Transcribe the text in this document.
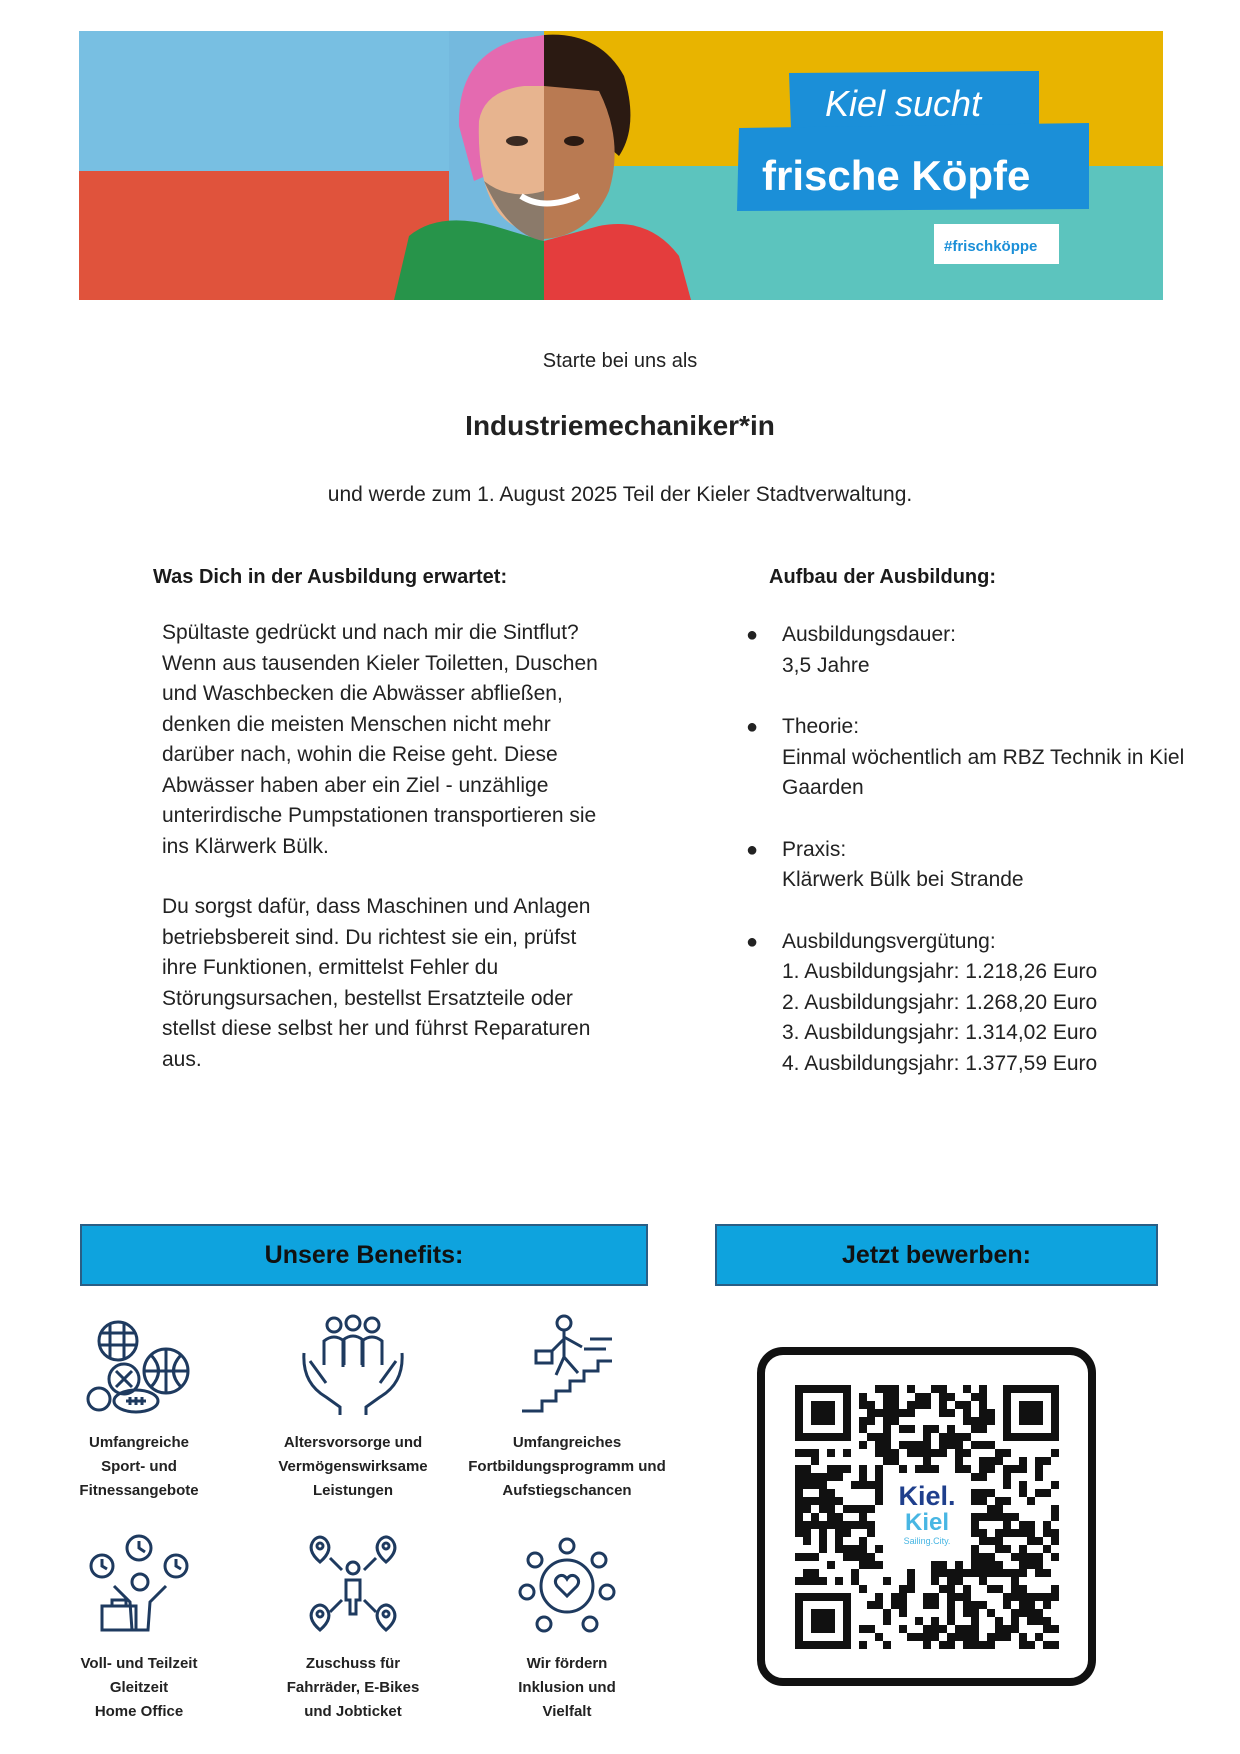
Kiel sucht
frische Köpfe
#frischköppe
Starte bei uns als
Industriemechaniker*in
und werde zum 1. August 2025 Teil der Kieler Stadtverwaltung.
Was Dich in der Ausbildung erwartet:

Spültaste gedrückt und nach mir die Sintflut? Wenn aus tausenden Kieler Toiletten, Duschen und Waschbecken die Abwässer abfließen, denken die meisten Menschen nicht mehr darüber nach, wohin die Reise geht. Diese Abwässer haben aber ein Ziel - unzählige unterirdische Pumpstationen transportieren sie ins Klärwerk Bülk.

Du sorgst dafür, dass Maschinen und Anlagen betriebsbereit sind. Du richtest sie ein, prüfst ihre Funktionen, ermittelst Fehler du Störungsursachen, bestellst Ersatzteile oder stellst diese selbst her und führst Reparaturen aus.

Aufbau der Ausbildung:
● Ausbildungsdauer:
3,5 Jahre
● Theorie:
Einmal wöchentlich am RBZ Technik in Kiel Gaarden
● Praxis:
Klärwerk Bülk bei Strande
● Ausbildungsvergütung:
1. Ausbildungsjahr: 1.218,26 Euro
2. Ausbildungsjahr: 1.268,20 Euro
3. Ausbildungsjahr: 1.314,02 Euro
4. Ausbildungsjahr: 1.377,59 Euro
Unsere Benefits:	Jetzt bewerben:
Umfangreiche
Sport- und
Fitnessangebote
Altersvorsorge und
Vermögenswirksame
Leistungen
Umfangreiches
Fortbildungsprogramm und
Aufstiegschancen
Voll- und Teilzeit
Gleitzeit
Home Office
Zuschuss für
Fahrräder, E-Bikes
und Jobticket
Wir fördern
Inklusion und
Vielfalt
Kiel.
Kiel
Sailing.City.
